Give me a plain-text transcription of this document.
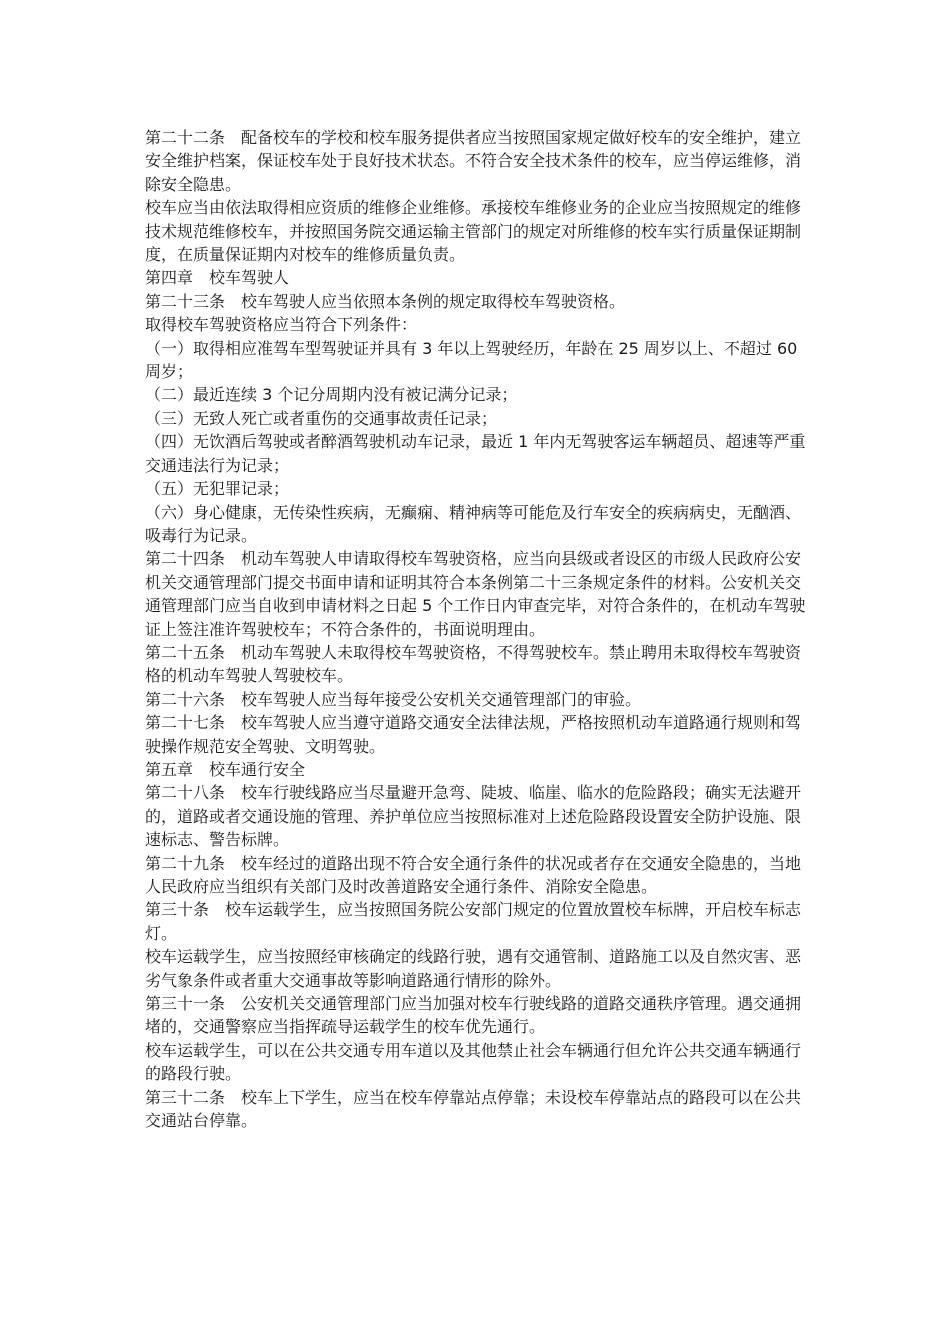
第二十二条　配备校车的学校和校车服务提供者应当按照国家规定做好校车的安全维护，建立安全维护档案，保证校车处于良好技术状态。不符合安全技术条件的校车，应当停运维修，消除安全隐患。

校车应当由依法取得相应资质的维修企业维修。承接校车维修业务的企业应当按照规定的维修技术规范维修校车，并按照国务院交通运输主管部门的规定对所维修的校车实行质量保证期制度，在质量保证期内对校车的维修质量负责。

第四章　校车驾驶人

第二十三条　校车驾驶人应当依照本条例的规定取得校车驾驶资格。

取得校车驾驶资格应当符合下列条件：

（一）取得相应准驾车型驾驶证并具有 3 年以上驾驶经历，年龄在 25 周岁以上、不超过 60 周岁；

（二）最近连续 3 个记分周期内没有被记满分记录；

（三）无致人死亡或者重伤的交通事故责任记录；

（四）无饮酒后驾驶或者醉酒驾驶机动车记录，最近 1 年内无驾驶客运车辆超员、超速等严重交通违法行为记录；

（五）无犯罪记录；

（六）身心健康，无传染性疾病，无癫痫、精神病等可能危及行车安全的疾病病史，无酗酒、吸毒行为记录。

第二十四条　机动车驾驶人申请取得校车驾驶资格，应当向县级或者设区的市级人民政府公安机关交通管理部门提交书面申请和证明其符合本条例第二十三条规定条件的材料。公安机关交通管理部门应当自收到申请材料之日起 5 个工作日内审查完毕，对符合条件的，在机动车驾驶证上签注准许驾驶校车；不符合条件的，书面说明理由。

第二十五条　机动车驾驶人未取得校车驾驶资格，不得驾驶校车。禁止聘用未取得校车驾驶资格的机动车驾驶人驾驶校车。

第二十六条　校车驾驶人应当每年接受公安机关交通管理部门的审验。

第二十七条　校车驾驶人应当遵守道路交通安全法律法规，严格按照机动车道路通行规则和驾驶操作规范安全驾驶、文明驾驶。

第五章　校车通行安全

第二十八条　校车行驶线路应当尽量避开急弯、陡坡、临崖、临水的危险路段；确实无法避开的，道路或者交通设施的管理、养护单位应当按照标准对上述危险路段设置安全防护设施、限速标志、警告标牌。

第二十九条　校车经过的道路出现不符合安全通行条件的状况或者存在交通安全隐患的，当地人民政府应当组织有关部门及时改善道路安全通行条件、消除安全隐患。

第三十条　校车运载学生，应当按照国务院公安部门规定的位置放置校车标牌，开启校车标志灯。

校车运载学生，应当按照经审核确定的线路行驶，遇有交通管制、道路施工以及自然灾害、恶劣气象条件或者重大交通事故等影响道路通行情形的除外。

第三十一条　公安机关交通管理部门应当加强对校车行驶线路的道路交通秩序管理。遇交通拥堵的，交通警察应当指挥疏导运载学生的校车优先通行。

校车运载学生，可以在公共交通专用车道以及其他禁止社会车辆通行但允许公共交通车辆通行的路段行驶。

第三十二条　校车上下学生，应当在校车停靠站点停靠；未设校车停靠站点的路段可以在公共交通站台停靠。
